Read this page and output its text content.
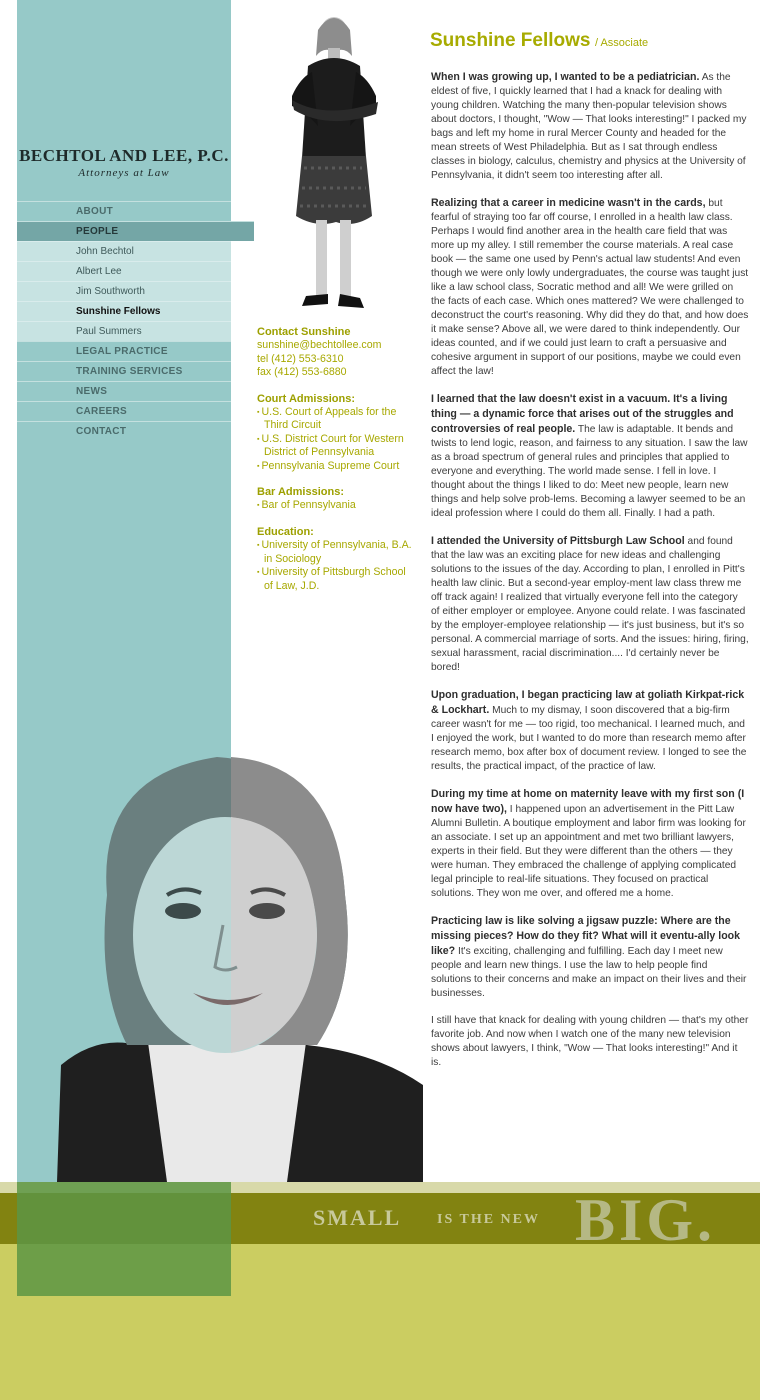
BECHTOL AND LEE, P.C.
Attorneys at Law
ABOUT
PEOPLE
John Bechtol
Albert Lee
Jim Southworth
Sunshine Fellows
Paul Summers
LEGAL PRACTICE
TRAINING SERVICES
NEWS
CAREERS
CONTACT
Contact Sunshine
sunshine@bechtollee.com
tel (412) 553-6310
fax (412) 553-6880
Court Admissions:
▪ U.S. Court of Appeals for the Third Circuit
▪ U.S. District Court for Western District of Pennsylvania
▪ Pennsylvania Supreme Court
Bar Admissions:
▪ Bar of Pennsylvania
Education:
▪ University of Pennsylvania, B.A. in Sociology
▪ University of Pittsburgh School of Law, J.D.
Sunshine Fellows / Associate

When I was growing up, I wanted to be a pediatrician. As the eldest of five, I quickly learned that I had a knack for dealing with young children. Watching the many then-popular television shows about doctors, I thought, "Wow — That looks interesting!" I packed my bags and left my home in rural Mercer County and headed for the mean streets of West Philadelphia. But as I sat through endless classes in biology, calculus, chemistry and physics at the University of Pennsylvania, it didn't seem too interesting after all.

Realizing that a career in medicine wasn't in the cards, but fearful of straying too far off course, I enrolled in a health law class. Perhaps I would find another area in the health care field that was more up my alley. I still remember the course materials. A real case book — the same one used by Penn's actual law students! And even though we were only lowly undergraduates, the course was taught just like a law school class, Socratic method and all! We were grilled on the facts of each case. Which ones mattered? We were challenged to deconstruct the court's reasoning. Why did they do that, and how does it make sense? Above all, we were dared to think independently. Our ideas counted, and if we could just learn to craft a persuasive and cohesive argument in support of our positions, maybe we could even affect the law!

I learned that the law doesn't exist in a vacuum. It's a living thing — a dynamic force that arises out of the struggles and controversies of real people. The law is adaptable. It bends and twists to lend logic, reason, and fairness to any situation. I saw the law as a broad spectrum of general rules and principles that applied to everyone and everything. The world made sense. I fell in love. I thought about the things I liked to do: Meet new people, learn new things and help solve prob-lems. Becoming a lawyer seemed to be an ideal profession where I could do them all. Finally. I had a path.

I attended the University of Pittsburgh Law School and found that the law was an exciting place for new ideas and challenging solutions to the issues of the day. According to plan, I enrolled in Pitt's health law clinic. But a second-year employ-ment law class threw me off track again! I realized that virtually everyone fell into the category of either employer or employee. Anyone could relate. I was fascinated by the employer-employee relationship — it's just business, but it's so personal. A commercial marriage of sorts. And the issues: hiring, firing, sexual harassment, racial discrimination.... I'd certainly never be bored!

Upon graduation, I began practicing law at goliath Kirkpat-rick & Lockhart. Much to my dismay, I soon discovered that a big-firm career wasn't for me — too rigid, too mechanical. I learned much, and I enjoyed the work, but I wanted to do more than research memo after research memo, box after box of document review. I longed to see the results, the practical impact, of the practice of law.

During my time at home on maternity leave with my first son (I now have two), I happened upon an advertisement in the Pitt Law Alumni Bulletin. A boutique employment and labor firm was looking for an associate. I set up an appointment and met two brilliant lawyers, experts in their field. But they were different than the others — they were human. They embraced the challenge of applying complicated legal principle to real-life situations. They focused on practical solutions. They won me over, and offered me a home.

Practicing law is like solving a jigsaw puzzle: Where are the missing pieces? How do they fit? What will it eventu-ally look like? It's exciting, challenging and fulfilling. Each day I meet new people and learn new things. I use the law to help people find solutions to their concerns and make an impact on their lives and their businesses.

I still have that knack for dealing with young children — that's my other favorite job. And now when I watch one of the many new television shows about lawyers, I think, "Wow — That looks interesting!" And it is.

SMALL	IS THE NEW BIG.
